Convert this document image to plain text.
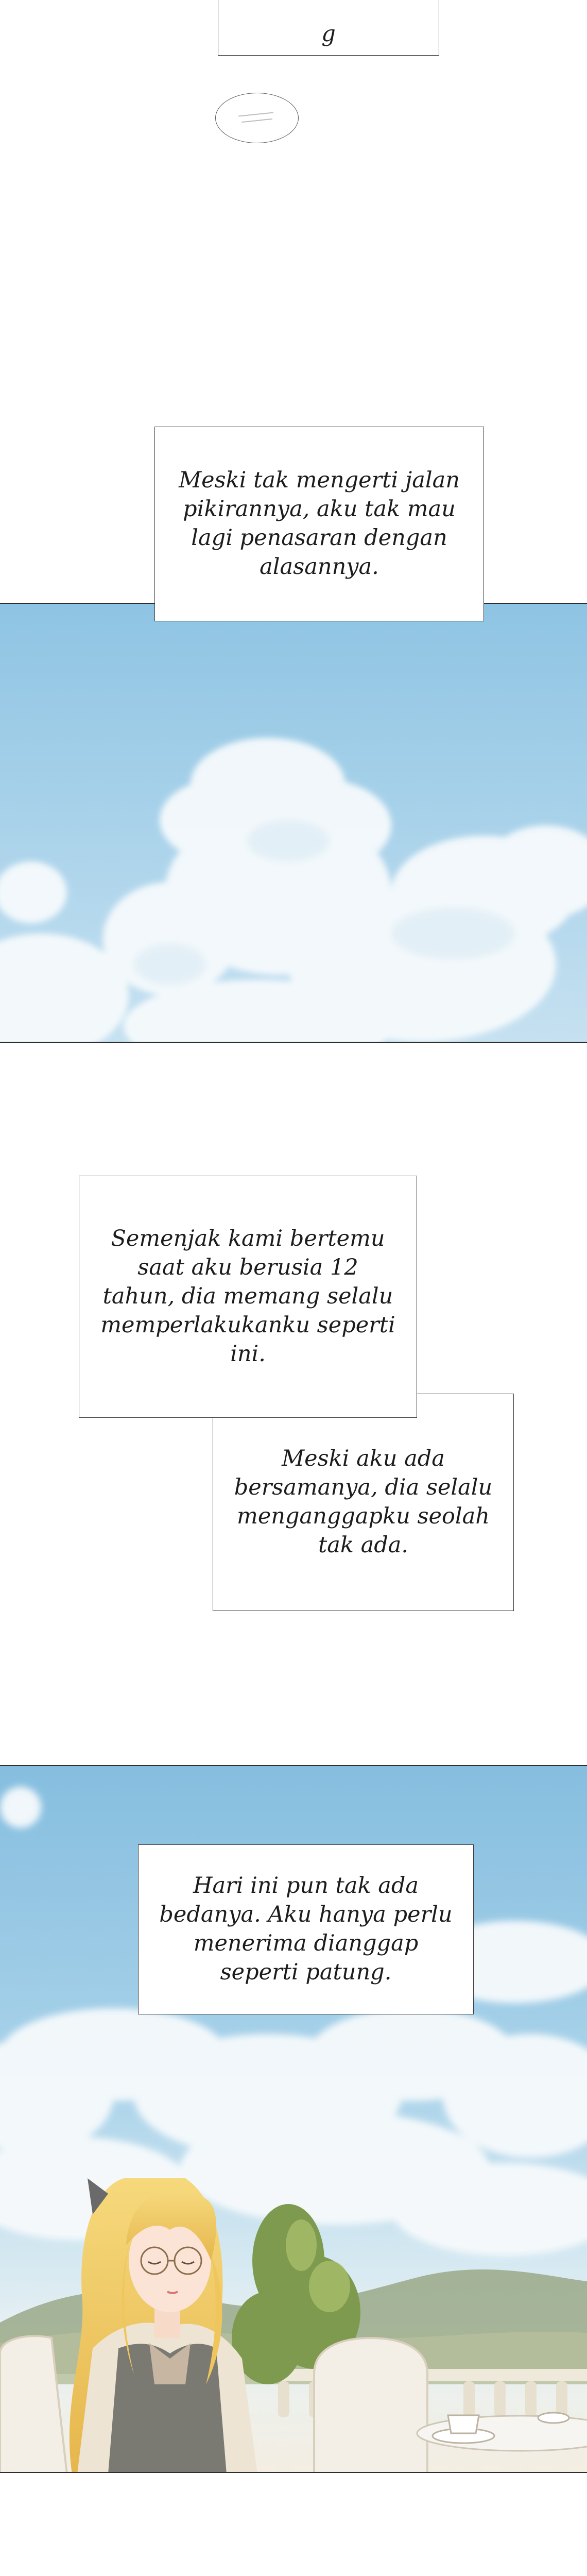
g
Meski tak mengerti jalan pikirannya, aku tak mau lagi penasaran dengan alasannya.
Semenjak kami bertemu saat aku berusia 12 tahun, dia memang selalu memperlakukanku seperti ini.
Meski aku ada bersamanya, dia selalu menganggapku seolah tak ada.
Hari ini pun tak ada bedanya. Aku hanya perlu menerima dianggap seperti patung.
